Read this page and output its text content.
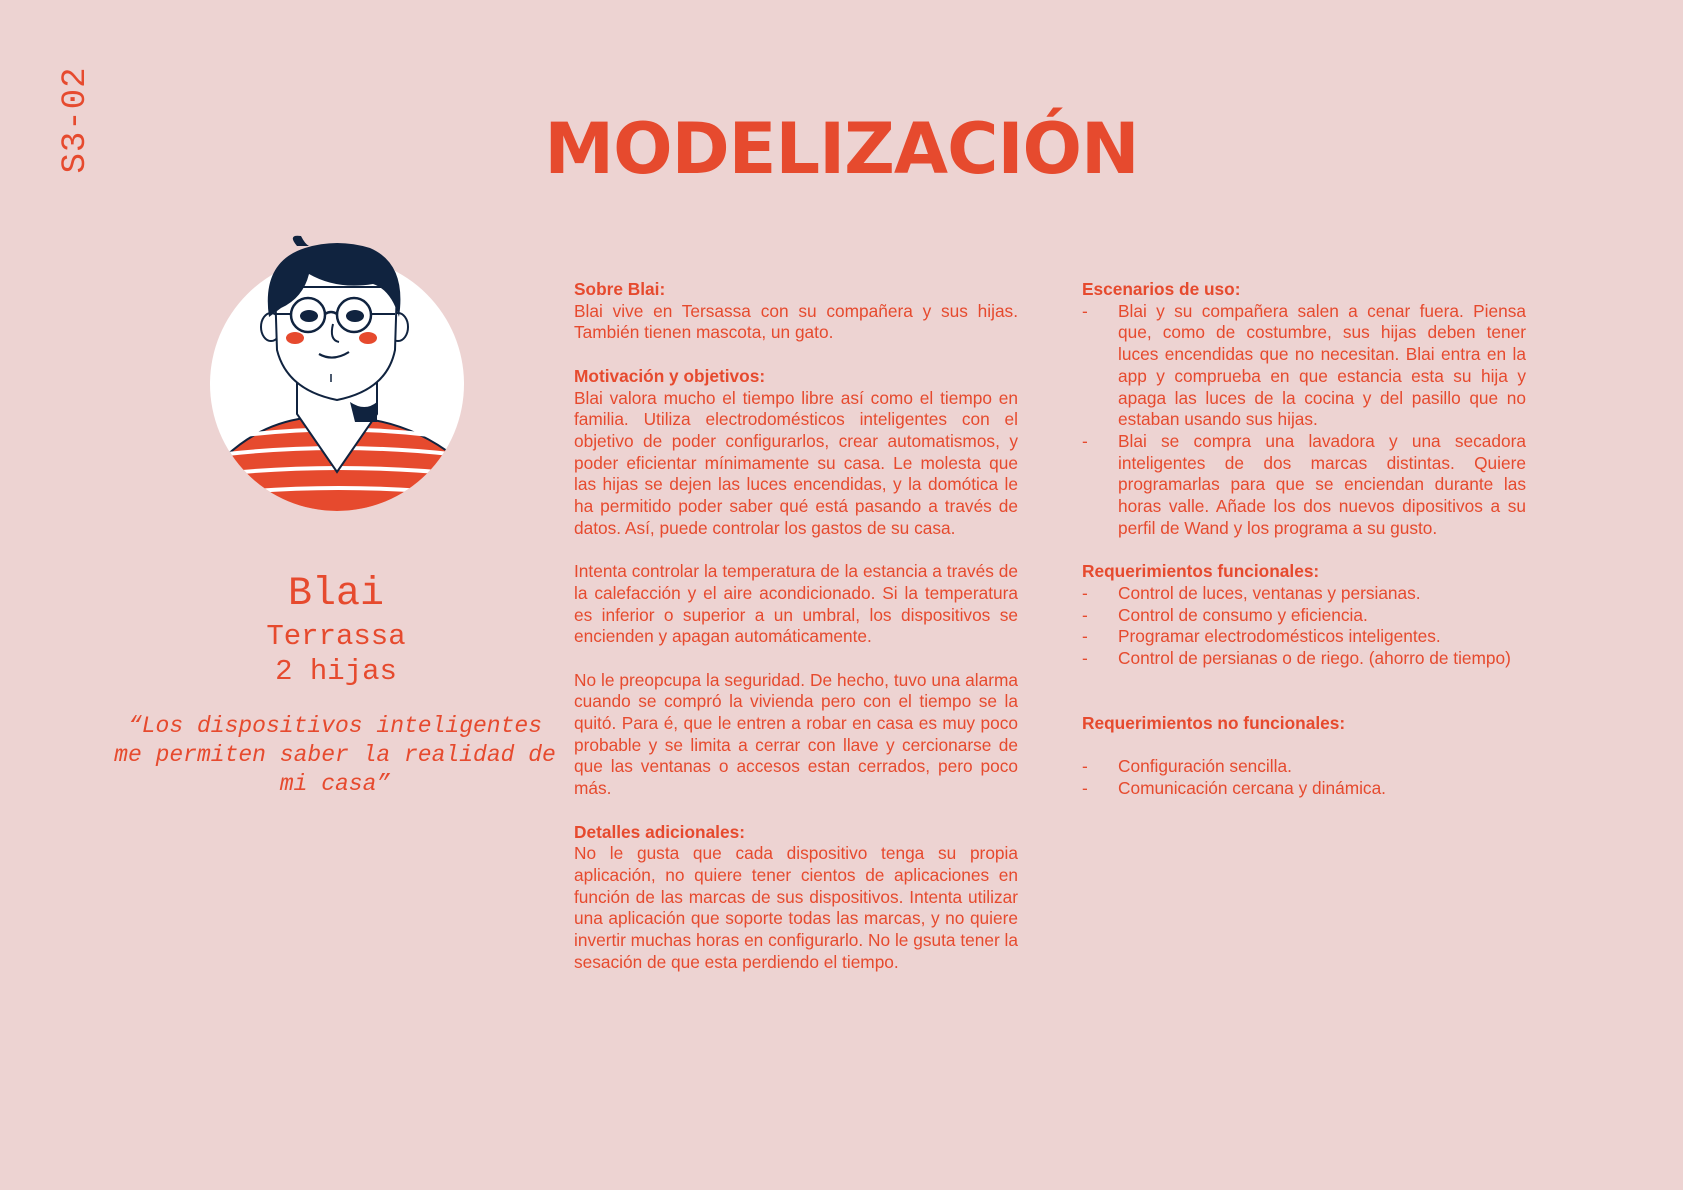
S3-02	MODELIZACIÓN
Blai
Terrassa
2 hijas
“Los dispositivos inteligentes me permiten saber la realidad de mi casa”
Sobre Blai:

Blai vive en Tersassa con su compañera y sus hijas. También tienen mascota, un gato.

Motivación y objetivos:

Blai valora mucho el tiempo libre así como el tiempo en familia. Utiliza electrodomésticos inteligentes con el objetivo de poder configurarlos, crear automatismos, y poder eficientar mínimamente su casa. Le molesta que las hijas se dejen las luces encendidas, y la domótica le ha permitido poder saber qué está pasando a través de datos. Así, puede controlar los gastos de su casa.

Intenta controlar la temperatura de la estancia a través de la calefacción y el aire acondicionado. Si la temperatura es inferior o superior a un umbral, los dispositivos se encienden y apagan automáticamente.

No le preopcupa la seguridad. De hecho, tuvo una alarma cuando se compró la vivienda pero con el tiempo se la quitó. Para é, que le entren a robar en casa es muy poco probable y se limita a cerrar con llave y cercionarse de que las ventanas o accesos estan cerrados, pero poco más.

Detalles adicionales:

No le gusta que cada dispositivo tenga su propia aplicación, no quiere tener cientos de aplicaciones en función de las marcas de sus dispositivos. Intenta utilizar una aplicación que soporte todas las marcas, y no quiere invertir muchas horas en configurarlo. No le gsuta tener la sesación de que esta perdiendo el tiempo.

Escenarios de uso:
- Blai y su compañera salen a cenar fuera. Piensa que, como de costumbre, sus hijas deben tener luces encendidas que no necesitan. Blai entra en la app y comprueba en que estancia esta su hija y apaga las luces de la cocina y del pasillo que no estaban usando sus hijas.
- Blai se compra una lavadora y una secadora inteligentes de dos marcas distintas. Quiere programarlas para que se enciendan durante las horas valle. Añade los dos nuevos dipositivos a su perfil de Wand y los programa a su gusto.
Requerimientos funcionales:
- Control de luces, ventanas y persianas.
- Control de consumo y eficiencia.
- Programar electrodomésticos inteligentes.
- Control de persianas o de riego. (ahorro de tiempo)
Requerimientos no funcionales:
- Configuración sencilla.
- Comunicación cercana y dinámica.
